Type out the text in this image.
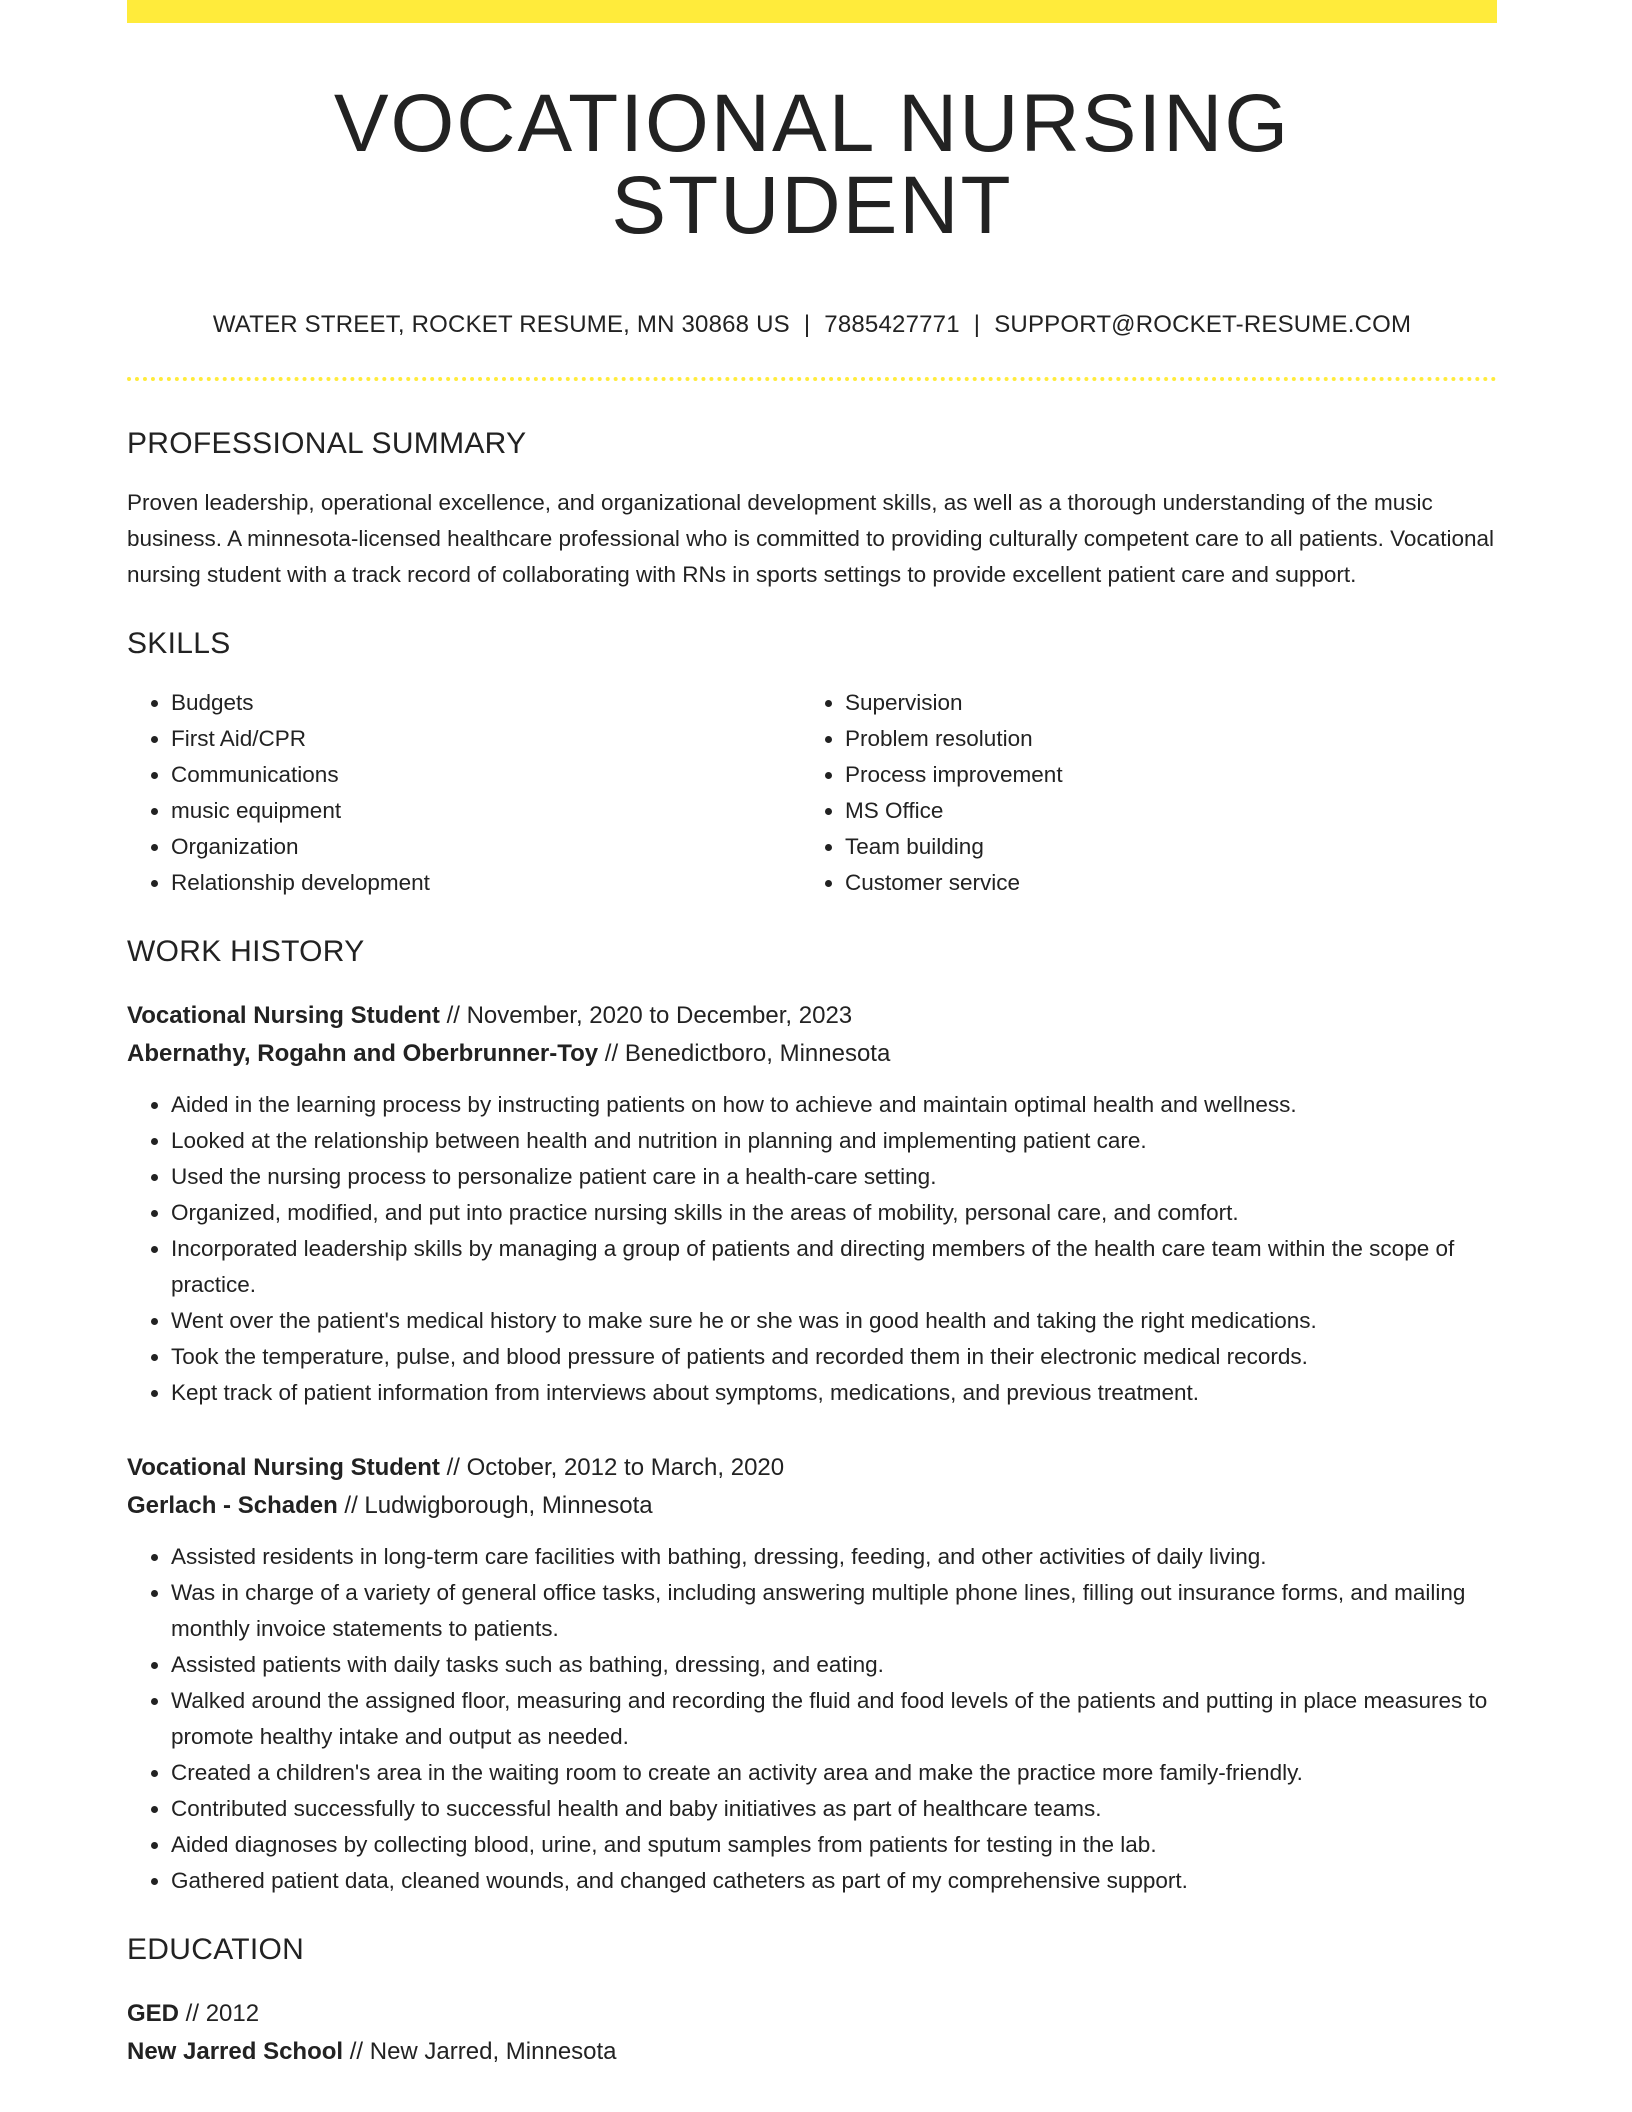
VOCATIONAL NURSING STUDENT
WATER STREET, ROCKET RESUME, MN 30868 US | 7885427771 | SUPPORT@ROCKET-RESUME.COM
PROFESSIONAL SUMMARY
Proven leadership, operational excellence, and organizational development skills, as well as a thorough understanding of the music business. A minnesota-licensed healthcare professional who is committed to providing culturally competent care to all patients. Vocational nursing student with a track record of collaborating with RNs in sports settings to provide excellent patient care and support.
SKILLS
• Budgets
• First Aid/CPR
• Communications
• music equipment
• Organization
• Relationship development
• Supervision
• Problem resolution
• Process improvement
• MS Office
• Team building
• Customer service
WORK HISTORY
Vocational Nursing Student // November, 2020 to December, 2023
Abernathy, Rogahn and Oberbrunner-Toy // Benedictboro, Minnesota
• Aided in the learning process by instructing patients on how to achieve and maintain optimal health and wellness.
• Looked at the relationship between health and nutrition in planning and implementing patient care.
• Used the nursing process to personalize patient care in a health-care setting.
• Organized, modified, and put into practice nursing skills in the areas of mobility, personal care, and comfort.
• Incorporated leadership skills by managing a group of patients and directing members of the health care team within the scope of practice.
• Went over the patient's medical history to make sure he or she was in good health and taking the right medications.
• Took the temperature, pulse, and blood pressure of patients and recorded them in their electronic medical records.
• Kept track of patient information from interviews about symptoms, medications, and previous treatment.
Vocational Nursing Student // October, 2012 to March, 2020
Gerlach - Schaden // Ludwigborough, Minnesota
• Assisted residents in long-term care facilities with bathing, dressing, feeding, and other activities of daily living.
• Was in charge of a variety of general office tasks, including answering multiple phone lines, filling out insurance forms, and mailing monthly invoice statements to patients.
• Assisted patients with daily tasks such as bathing, dressing, and eating.
• Walked around the assigned floor, measuring and recording the fluid and food levels of the patients and putting in place measures to promote healthy intake and output as needed.
• Created a children's area in the waiting room to create an activity area and make the practice more family-friendly.
• Contributed successfully to successful health and baby initiatives as part of healthcare teams.
• Aided diagnoses by collecting blood, urine, and sputum samples from patients for testing in the lab.
• Gathered patient data, cleaned wounds, and changed catheters as part of my comprehensive support.
EDUCATION
GED // 2012
New Jarred School // New Jarred, Minnesota
